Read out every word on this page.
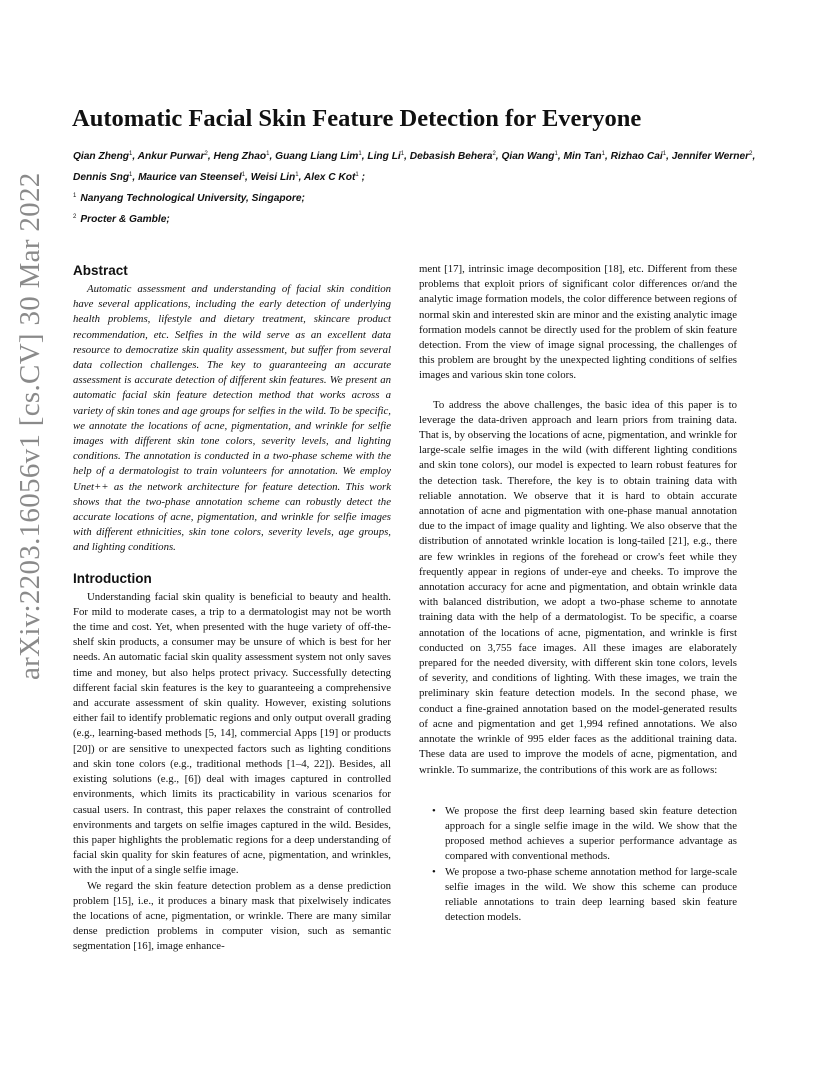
arXiv:2203.16056v1 [cs.CV] 30 Mar 2022
Automatic Facial Skin Feature Detection for Everyone
Qian Zheng$^1$, Ankur Purwar$^2$, Heng Zhao$^1$, Guang Liang Lim$^1$, Ling Li$^1$, Debasish Behera$^2$, Qian Wang$^1$, Min Tan$^1$, Rizhao Cai$^1$, Jennifer Werner$^2$, Dennis Sng$^1$, Maurice van Steensel$^1$, Weisi Lin$^1$, Alex C Kot$^1$ ;
$^1$ Nanyang Technological University, Singapore;
$^2$ Procter & Gamble;
Abstract

Automatic assessment and understanding of facial skin condition have several applications, including the early detection of underlying health problems, lifestyle and dietary treatment, skincare product recommendation, etc. Selfies in the wild serve as an excellent data resource to democratize skin quality assessment, but suffer from several data collection challenges. The key to guaranteeing an accurate assessment is accurate detection of different skin features. We present an automatic facial skin feature detection method that works across a variety of skin tones and age groups for selfies in the wild. To be specific, we annotate the locations of acne, pigmentation, and wrinkle for selfie images with different skin tone colors, severity levels, and lighting conditions. The annotation is conducted in a two-phase scheme with the help of a dermatologist to train volunteers for annotation. We employ Unet++ as the network architecture for feature detection. This work shows that the two-phase annotation scheme can robustly detect the accurate locations of acne, pigmentation, and wrinkle for selfie images with different ethnicities, skin tone colors, severity levels, age groups, and lighting conditions.

Introduction

Understanding facial skin quality is beneficial to beauty and health. For mild to moderate cases, a trip to a dermatologist may not be worth the time and cost. Yet, when presented with the huge variety of off-the-shelf skin products, a consumer may be unsure of which is best for her needs. An automatic facial skin quality assessment system not only saves time and money, but also helps protect privacy. Successfully detecting different facial skin features is the key to guaranteeing a comprehensive and accurate assessment of skin quality. However, existing solutions either fail to identify problematic regions and only output overall grading (e.g., learning-based methods [5, 14], commercial Apps [19] or products [20]) or are sensitive to unexpected factors such as lighting conditions and skin tone colors (e.g., traditional methods [1–4, 22]). Besides, all existing solutions (e.g., [6]) deal with images captured in controlled environments, which limits its practicability in various scenarios for casual users. In contrast, this paper relaxes the constraint of controlled environments and targets on selfie images captured in the wild. Besides, this paper highlights the problematic regions for a deep understanding of facial skin quality for skin features of acne, pigmentation, and wrinkles, with the input of a single selfie image.

We regard the skin feature detection problem as a dense prediction problem [15], i.e., it produces a binary mask that pixelwisely indicates the locations of acne, pigmentation, or wrinkle. There are many similar dense prediction problems in computer vision, such as semantic segmentation [16], image enhance-

ment [17], intrinsic image decomposition [18], etc. Different from these problems that exploit priors of significant color differences or/and the analytic image formation models, the color difference between regions of normal skin and interested skin are minor and the existing analytic image formation models cannot be directly used for the problem of skin feature detection. From the view of image signal processing, the challenges of this problem are brought by the unexpected lighting conditions of selfies images and various skin tone colors.

To address the above challenges, the basic idea of this paper is to leverage the data-driven approach and learn priors from training data. That is, by observing the locations of acne, pigmentation, and wrinkle for large-scale selfie images in the wild (with different lighting conditions and skin tone colors), our model is expected to learn robust features for the detection task. Therefore, the key is to obtain training data with reliable annotation. We observe that it is hard to obtain accurate annotation of acne and pigmentation with one-phase manual annotation due to the impact of image quality and lighting. We also observe that the distribution of annotated wrinkle location is long-tailed [21], e.g., there are few wrinkles in regions of the forehead or crow's feet while they frequently appear in regions of under-eye and cheeks. To improve the annotation accuracy for acne and pigmentation, and obtain wrinkle data with balanced distribution, we adopt a two-phase scheme to annotate training data with the help of a dermatologist. To be specific, a coarse annotation of the locations of acne, pigmentation, and wrinkle is first conducted on 3,755 face images. All these images are elaborately prepared for the needed diversity, with different skin tone colors, levels of severity, and conditions of lighting. With these images, we train the preliminary skin feature detection models. In the second phase, we conduct a fine-grained annotation based on the model-generated results of acne and pigmentation and get 1,994 refined annotations. We also annotate the wrinkle of 995 elder faces as the additional training data. These data are used to improve the models of acne, pigmentation, and wrinkle. To summarize, the contributions of this work are as follows:

• We propose the first deep learning based skin feature detection approach for a single selfie image in the wild. We show that the proposed method achieves a superior performance advantage as compared with conventional methods.
• We propose a two-phase scheme annotation method for large-scale selfie images in the wild. We show this scheme can produce reliable annotations to train deep learning based skin feature detection models.
